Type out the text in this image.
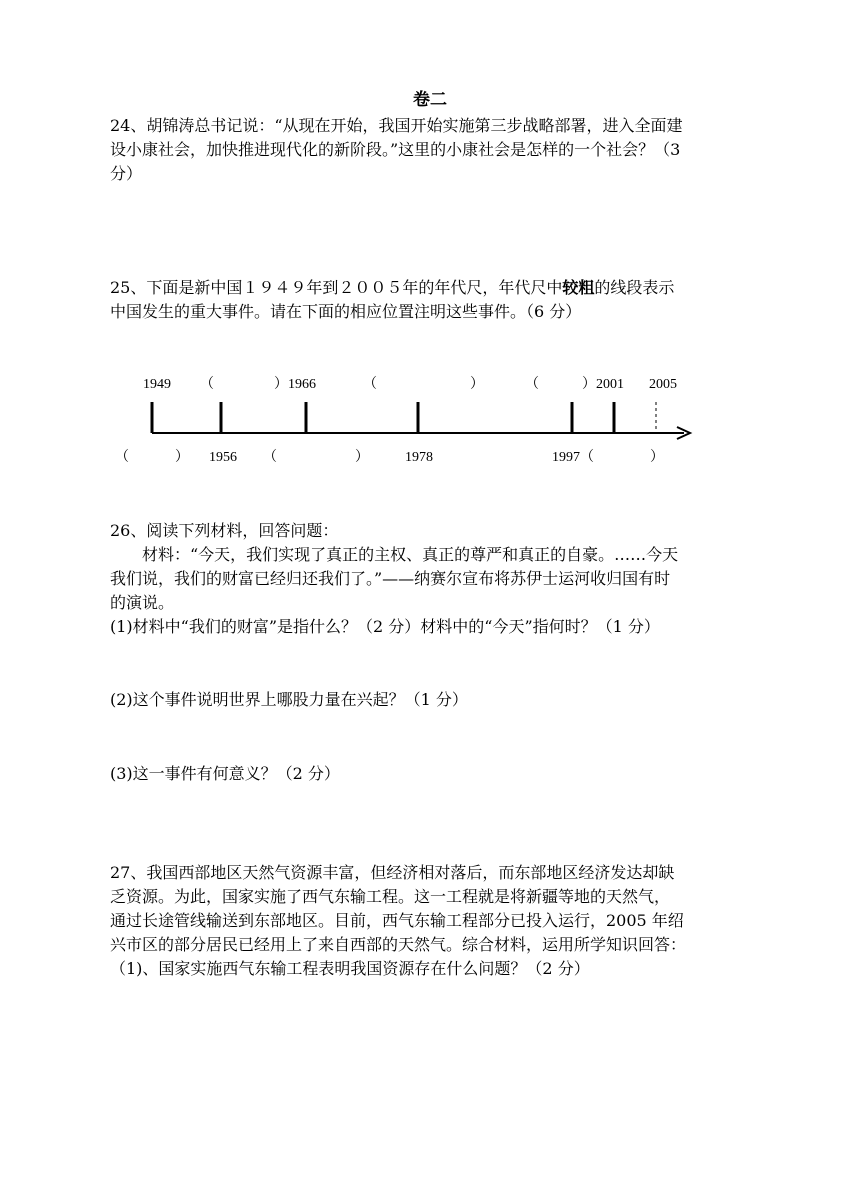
卷二
24、胡锦涛总书记说：“从现在开始，我国开始实施第三步战略部署，进入全面建
设小康社会，加快推进现代化的新阶段。”这里的小康社会是怎样的一个社会？（3
分）
25、下面是新中国１９４９年到２００５年的年代尺，年代尺中较粗的线段表示
中国发生的重大事件。请在下面的相应位置注明这些事件。（6 分）
1949 （	）1966	（	）	（	）2001 2005
（	） 1956 （	）	1978	1997（	）
26、阅读下列材料，回答问题：
材料：“今天，我们实现了真正的主权、真正的尊严和真正的自豪。……今天
我们说，我们的财富已经归还我们了。”——纳赛尔宣布将苏伊士运河收归国有时
的演说。
(1)材料中“我们的财富”是指什么？（2 分）材料中的“今天”指何时？（1 分）
(2)这个事件说明世界上哪股力量在兴起？（1 分）
(3)这一事件有何意义？（2 分）
27、我国西部地区天然气资源丰富，但经济相对落后，而东部地区经济发达却缺
乏资源。为此，国家实施了西气东输工程。这一工程就是将新疆等地的天然气，
通过长途管线输送到东部地区。目前，西气东输工程部分已投入运行，2005 年绍
兴市区的部分居民已经用上了来自西部的天然气。综合材料，运用所学知识回答：
（1)、国家实施西气东输工程表明我国资源存在什么问题？（2 分）
